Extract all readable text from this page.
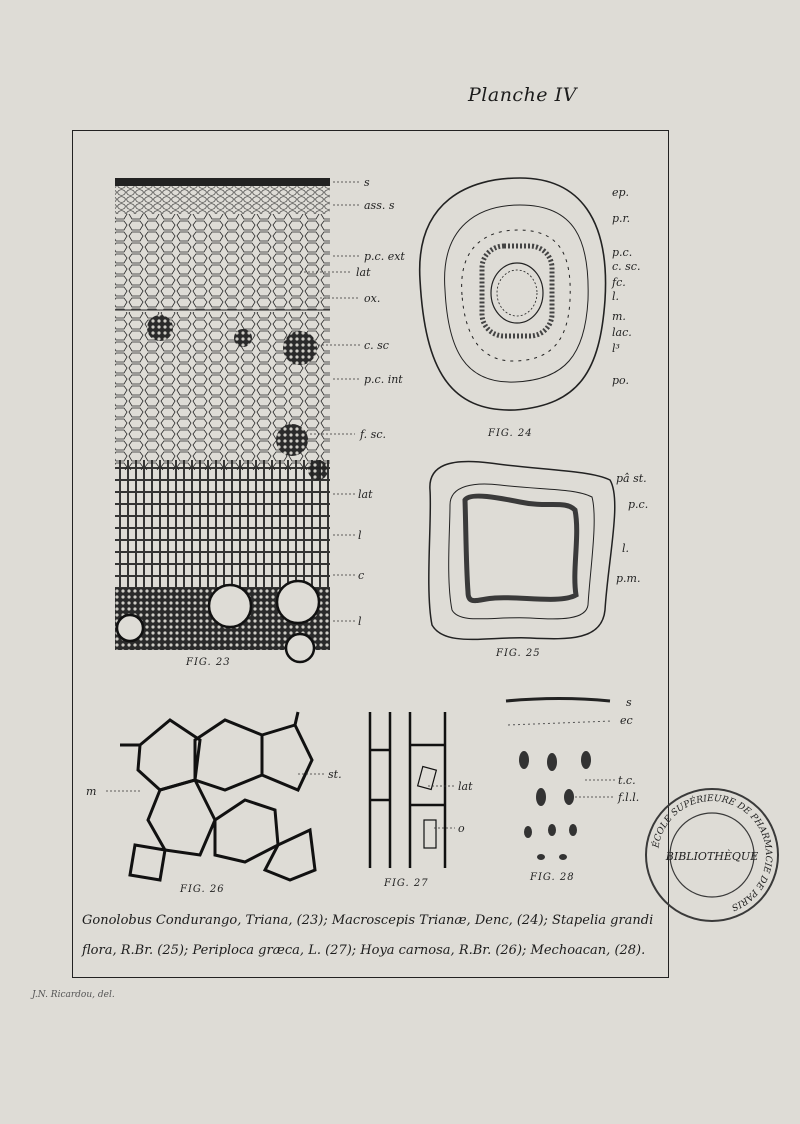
Planche IV
s
ass. s
p.c. ext
lat
ox.
c. sc
p.c. int
f. sc.
lat
l
c
l
ep.
p.r.
p.c.
c. sc.
fc.
l.
m.
lac.
l³
po.
pâ st.
p.c.
l.
p.m.
m
st.
lat
o
s
ec
t.c.
f.l.l.
FIG. 23
FIG. 24
FIG. 25
FIG. 26
FIG. 27
FIG. 28
ÉCOLE SUPÉRIEURE DE PHARMACIE DE PARIS
BIBLIOTHÈQUE
Gonolobus Condurango, Triana, (23); Macroscepis Trianæ, Denc, (24); Stapelia grandi
flora, R.Br. (25); Periploca græca, L. (27); Hoya carnosa, R.Br. (26); Mechoacan, (28).
J.N. Ricardou, del.
